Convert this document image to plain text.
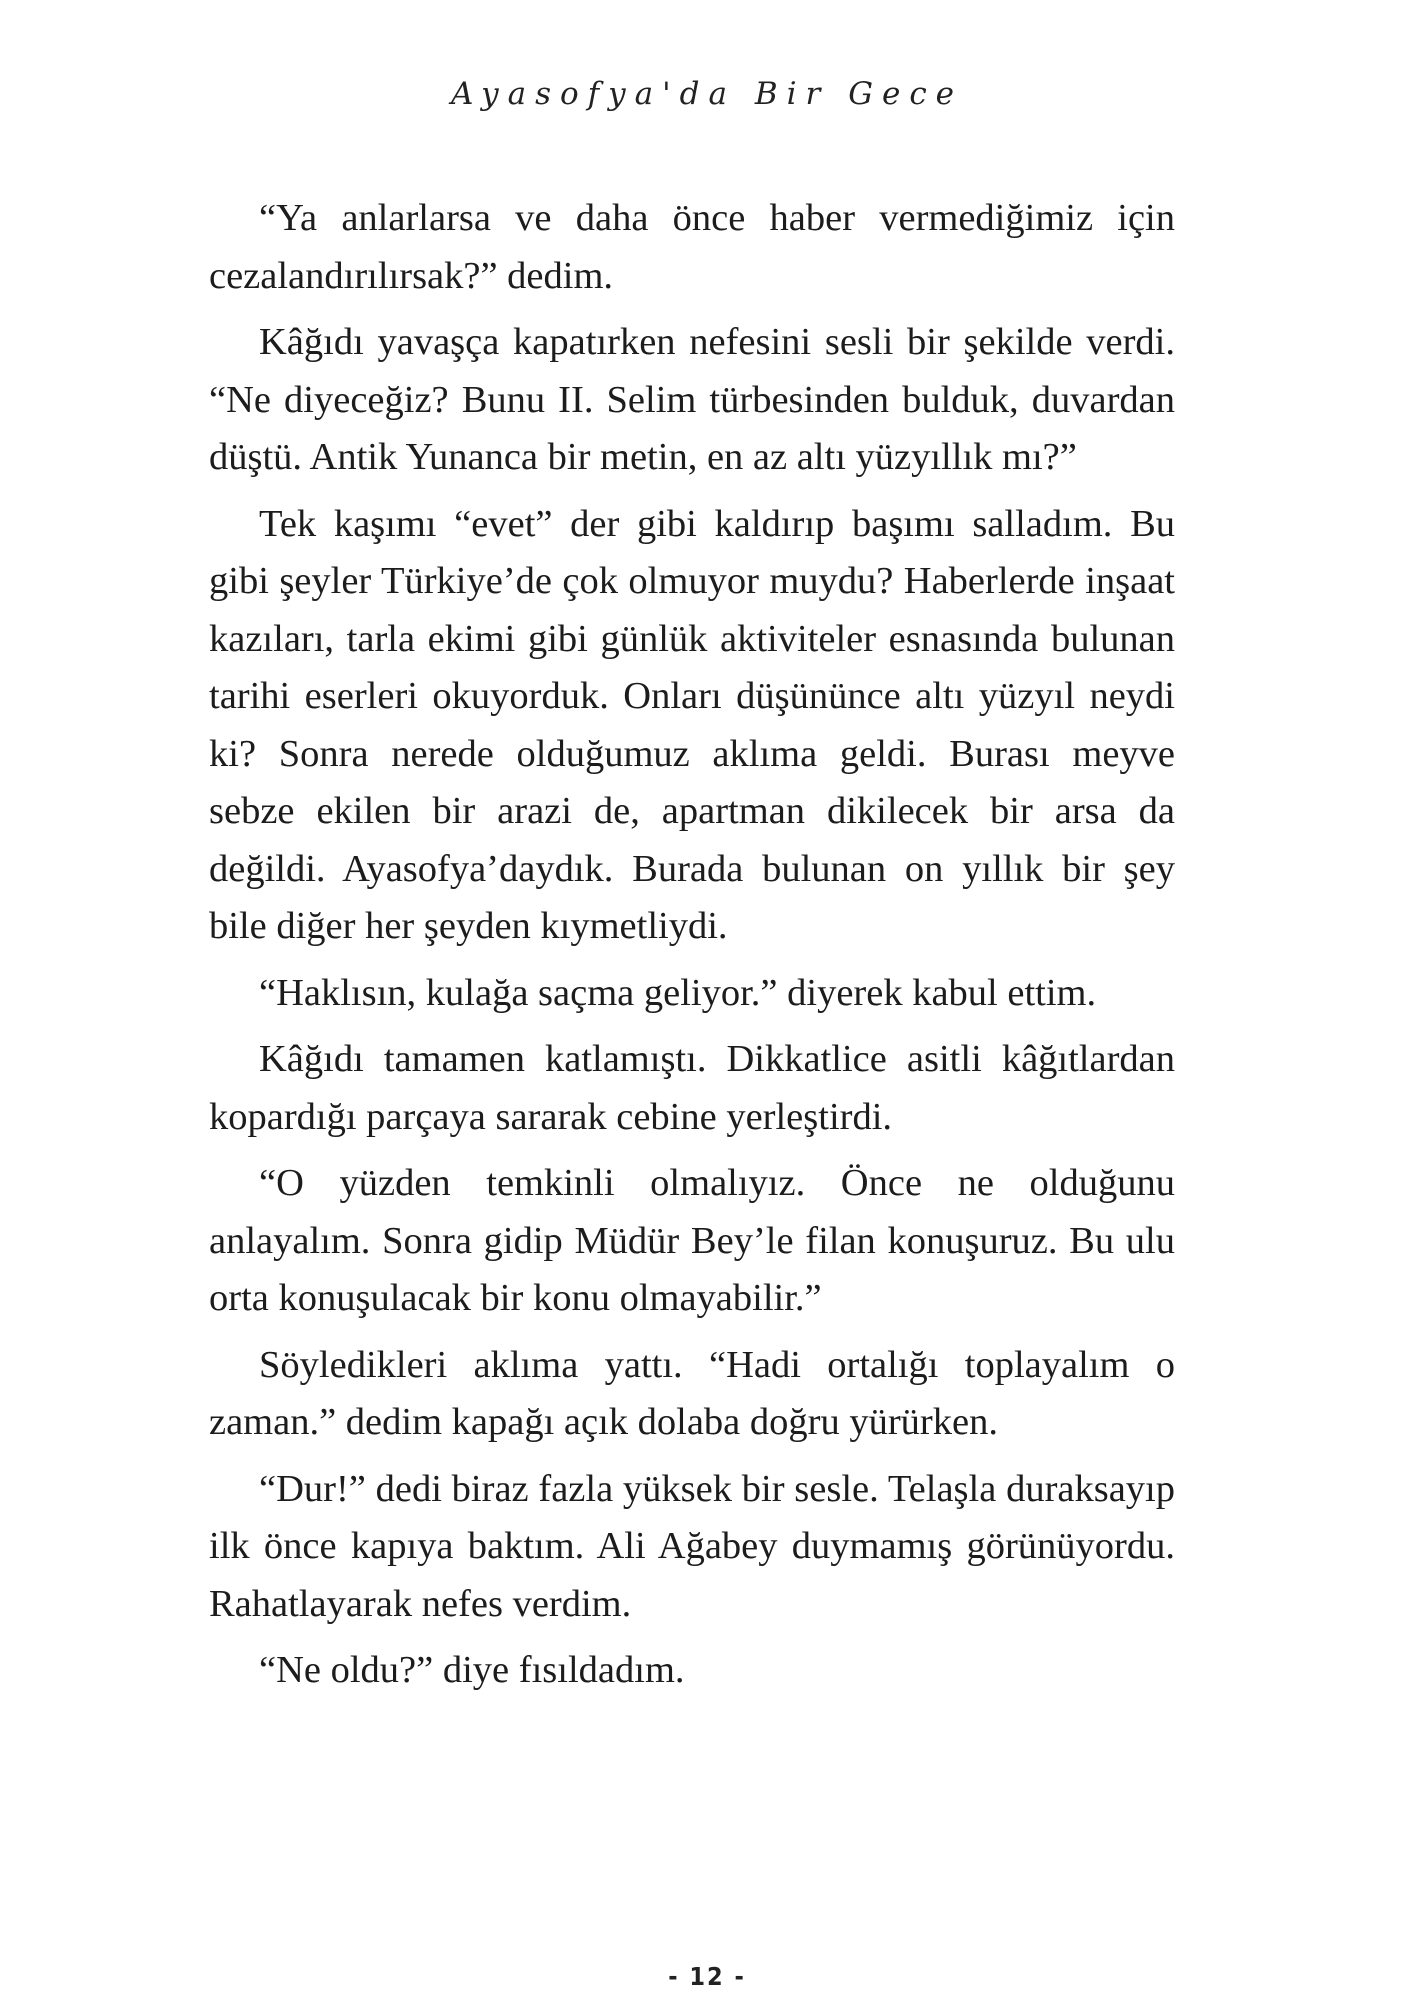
Ayasofya'da Bir Gece

“Ya anlarlarsa ve daha önce haber vermediğimiz için cezalandırılırsak?” dedim.

Kâğıdı yavaşça kapatırken nefesini sesli bir şekilde verdi. “Ne diyeceğiz? Bunu II. Selim türbesinden bulduk, duvardan düştü. Antik Yunanca bir metin, en az altı yüzyıllık mı?”

Tek kaşımı “evet” der gibi kaldırıp başımı salladım. Bu gibi şeyler Türkiye’de çok olmuyor muydu? Haberlerde inşaat kazıları, tarla ekimi gibi günlük aktiviteler esnasında bulunan tarihi eserleri okuyorduk. Onları düşününce altı yüzyıl neydi ki? Sonra nerede olduğumuz aklıma geldi. Burası meyve sebze ekilen bir arazi de, apartman dikilecek bir arsa da değildi. Ayasofya’daydık. Burada bulunan on yıllık bir şey bile diğer her şeyden kıymetliydi.

“Haklısın, kulağa saçma geliyor.” diyerek kabul ettim.

Kâğıdı tamamen katlamıştı. Dikkatlice asitli kâğıtlardan kopardığı parçaya sararak cebine yerleştirdi.

“O yüzden temkinli olmalıyız. Önce ne olduğunu anlayalım. Sonra gidip Müdür Bey’le filan konuşuruz. Bu ulu orta konuşulacak bir konu olmayabilir.”

Söyledikleri aklıma yattı. “Hadi ortalığı toplayalım o zaman.” dedim kapağı açık dolaba doğru yürürken.

“Dur!” dedi biraz fazla yüksek bir sesle. Telaşla duraksayıp ilk önce kapıya baktım. Ali Ağabey duymamış görünüyordu. Rahatlayarak nefes verdim.

“Ne oldu?” diye fısıldadım.

- 12 -
